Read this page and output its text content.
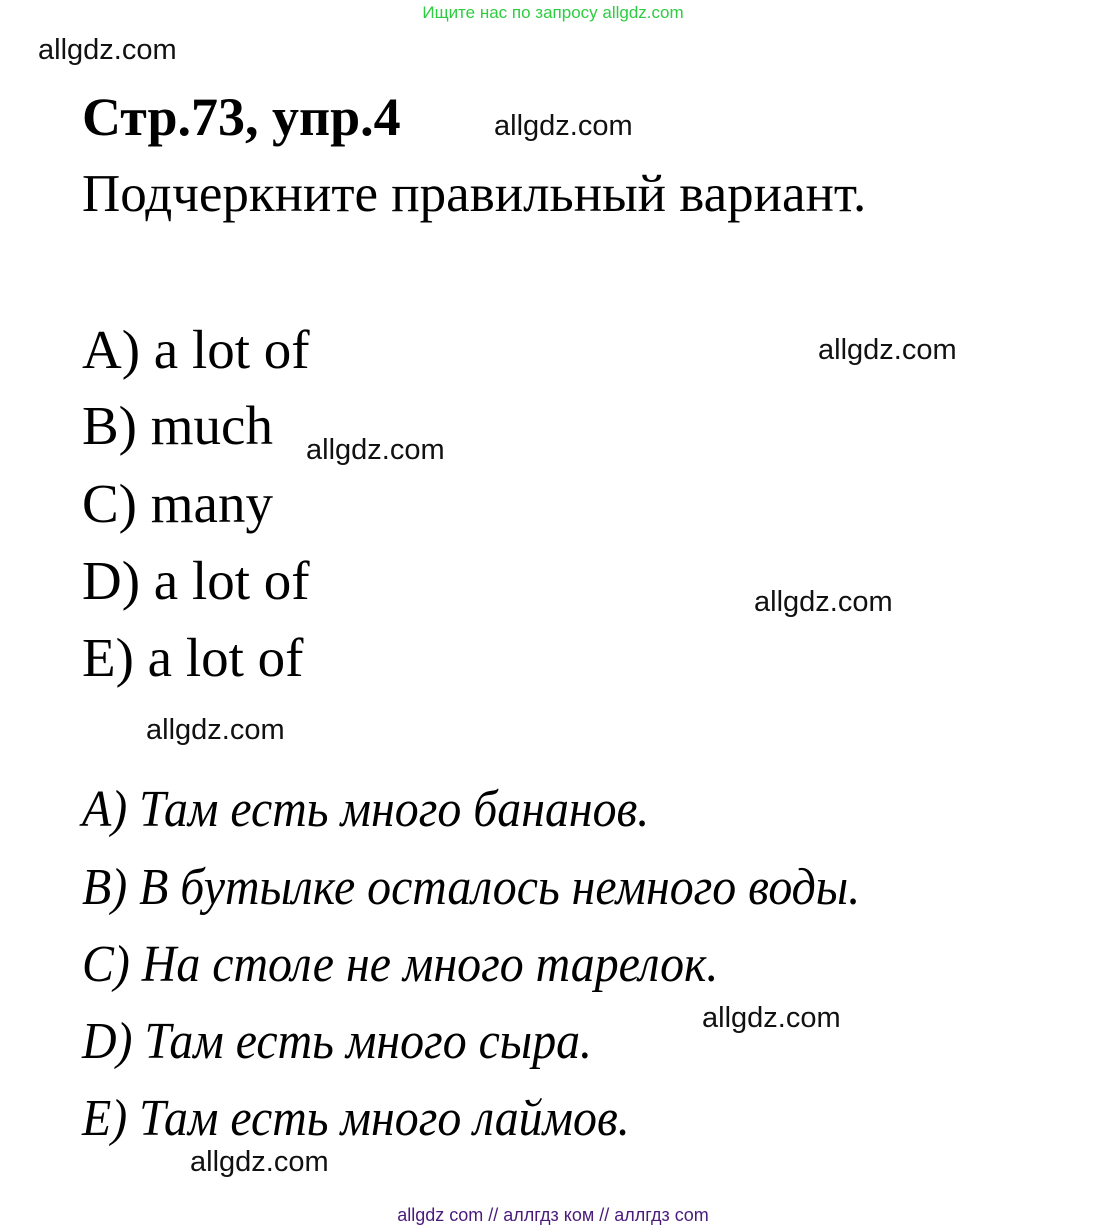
Ищите нас по запросу allgdz.com
allgdz.com
Стр.73, упр.4	allgdz.com
Подчеркните правильный вариант.
A) a lot of	allgdz.com
B) much allgdz.com
C) many
D) a lot of	allgdz.com
E) a lot of
allgdz.com
A) Там есть много бананов.
B) В бутылке осталось немного воды.
C) На столе не много тарелок.
D) Там есть много сыра.	allgdz.com
E) Там есть много лаймов.
allgdz.com
allgdz com // аллгдз ком // аллгдз com
